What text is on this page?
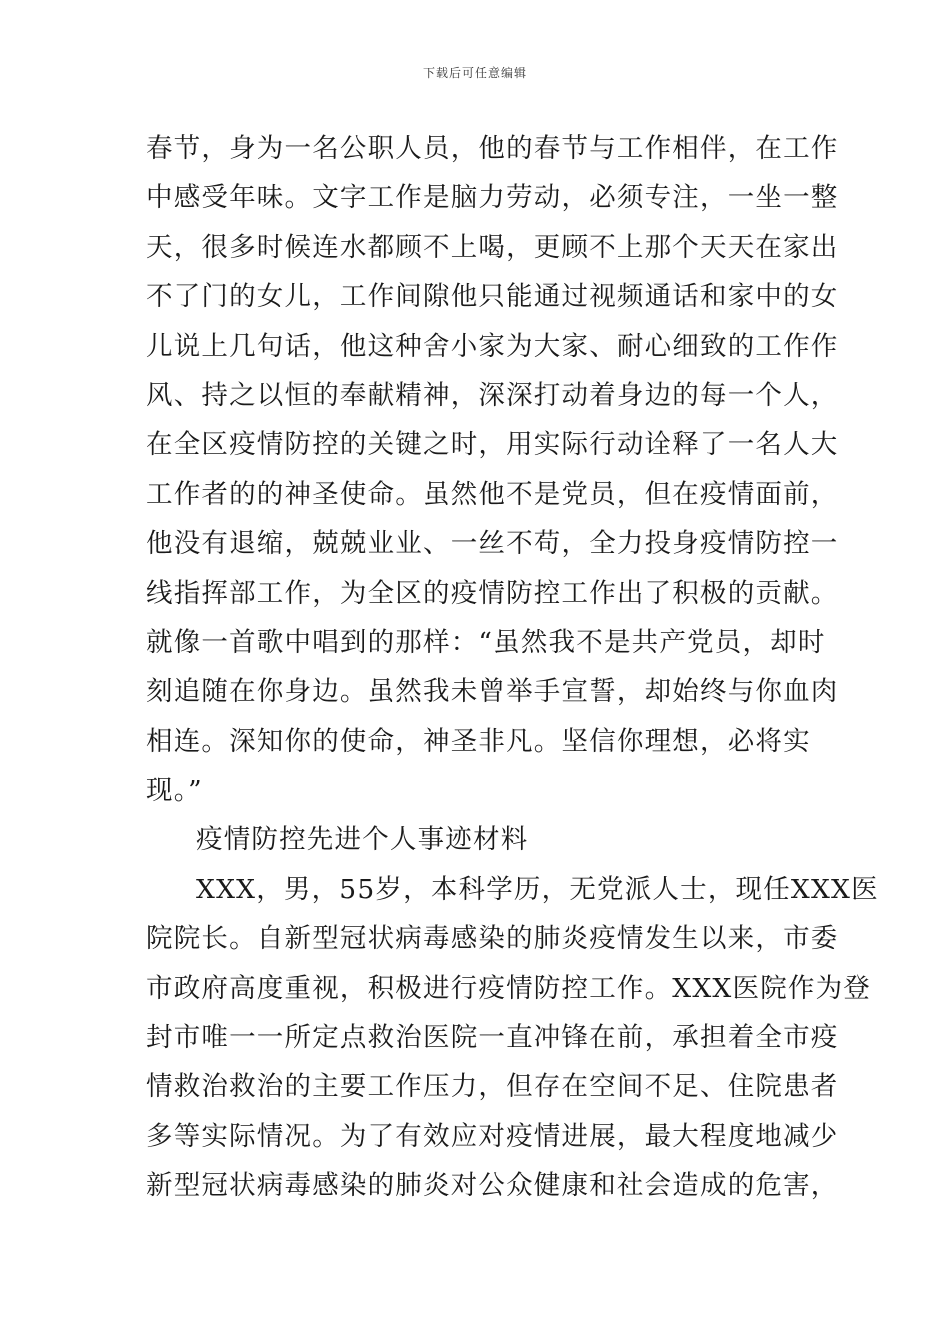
下载后可任意编辑
春节，身为一名公职人员，他的春节与工作相伴，在工作
中感受年味。文字工作是脑力劳动，必须专注，一坐一整
天，很多时候连水都顾不上喝，更顾不上那个天天在家出
不了门的女儿，工作间隙他只能通过视频通话和家中的女
儿说上几句话，他这种舍小家为大家、耐心细致的工作作
风、持之以恒的奉献精神，深深打动着身边的每一个人，
在全区疫情防控的关键之时，用实际行动诠释了一名人大
工作者的的神圣使命。虽然他不是党员，但在疫情面前，
他没有退缩，兢兢业业、一丝不苟，全力投身疫情防控一
线指挥部工作，为全区的疫情防控工作出了积极的贡献。
就像一首歌中唱到的那样：“虽然我不是共产党员，却时
刻追随在你身边。虽然我未曾举手宣誓，却始终与你血肉
相连。深知你的使命，神圣非凡。坚信你理想，必将实
现。”
疫情防控先进个人事迹材料
XXX，男，55岁，本科学历，无党派人士，现任XXX医
院院长。自新型冠状病毒感染的肺炎疫情发生以来，市委
市政府高度重视，积极进行疫情防控工作。XXX医院作为登
封市唯一一所定点救治医院一直冲锋在前，承担着全市疫
情救治救治的主要工作压力，但存在空间不足、住院患者
多等实际情况。为了有效应对疫情进展，最大程度地减少
新型冠状病毒感染的肺炎对公众健康和社会造成的危害，
